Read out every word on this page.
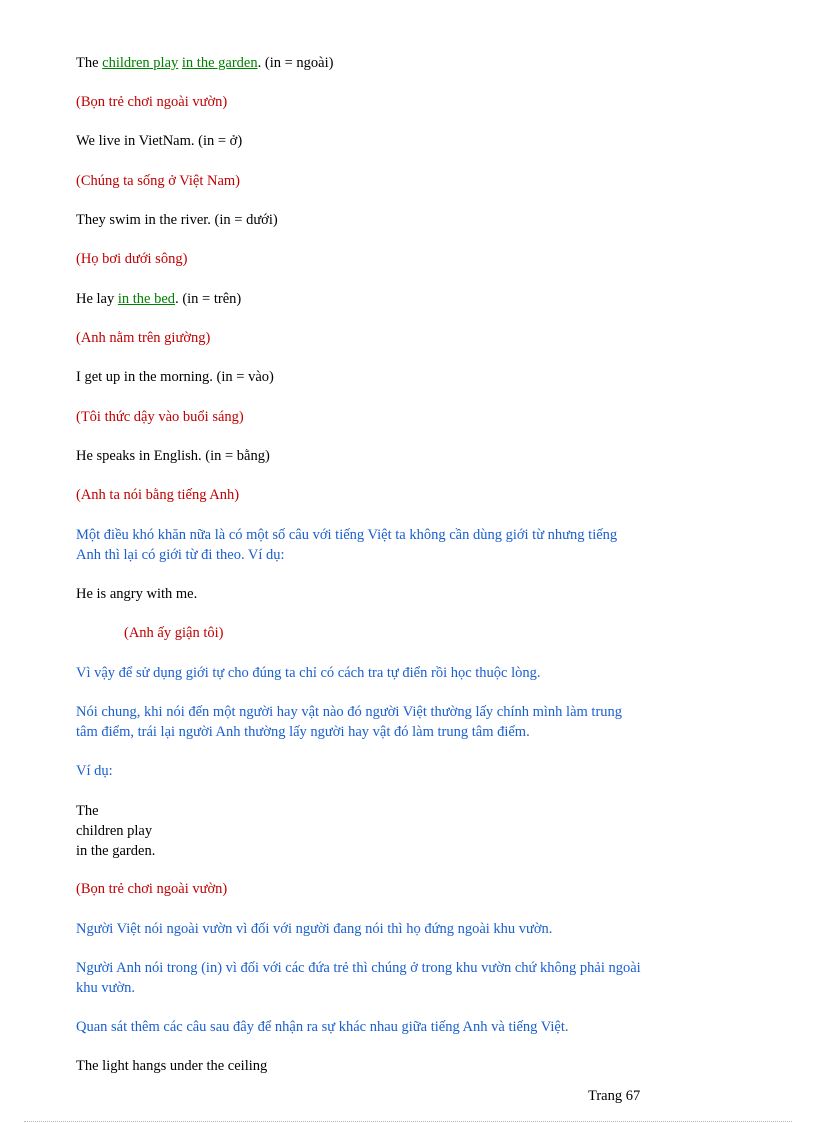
The children play in the garden. (in = ngoài)
(Bọn trẻ chơi ngoài vườn)
We live in VietNam. (in = ở)
(Chúng ta sống ở Việt Nam)
They swim in the river. (in = dưới)
(Họ bơi dưới sông)
He lay in the bed. (in = trên)
(Anh nằm trên giường)
I get up in the morning. (in = vào)
(Tôi thức dậy vào buổi sáng)
He speaks in English. (in = bằng)
(Anh ta nói bằng tiếng Anh)
Một điều khó khăn nữa là có một số câu với tiếng Việt ta không cần dùng giới từ nhưng tiếng
Anh thì lại có giới từ đi theo. Ví dụ:
He is angry with me.
(Anh ấy giận tôi)
Vì vậy để sử dụng giới tự cho đúng ta chỉ có cách tra tự điển rồi học thuộc lòng.
Nói chung, khi nói đến một người hay vật nào đó người Việt thường lấy chính mình làm trung
tâm điểm, trái lại người Anh thường lấy người hay vật đó làm trung tâm điểm.
Ví dụ:
The
children play
in the garden.
(Bọn trẻ chơi ngoài vườn)
Người Việt nói ngoài vườn vì đối với người đang nói thì họ đứng ngoài khu vườn.
Người Anh nói trong (in) vì đối với các đứa trẻ thì chúng ở trong khu vườn chứ không phải ngoài
khu vườn.
Quan sát thêm các câu sau đây để nhận ra sự khác nhau giữa tiếng Anh và tiếng Việt.
The light hangs under the ceiling
Trang 67
